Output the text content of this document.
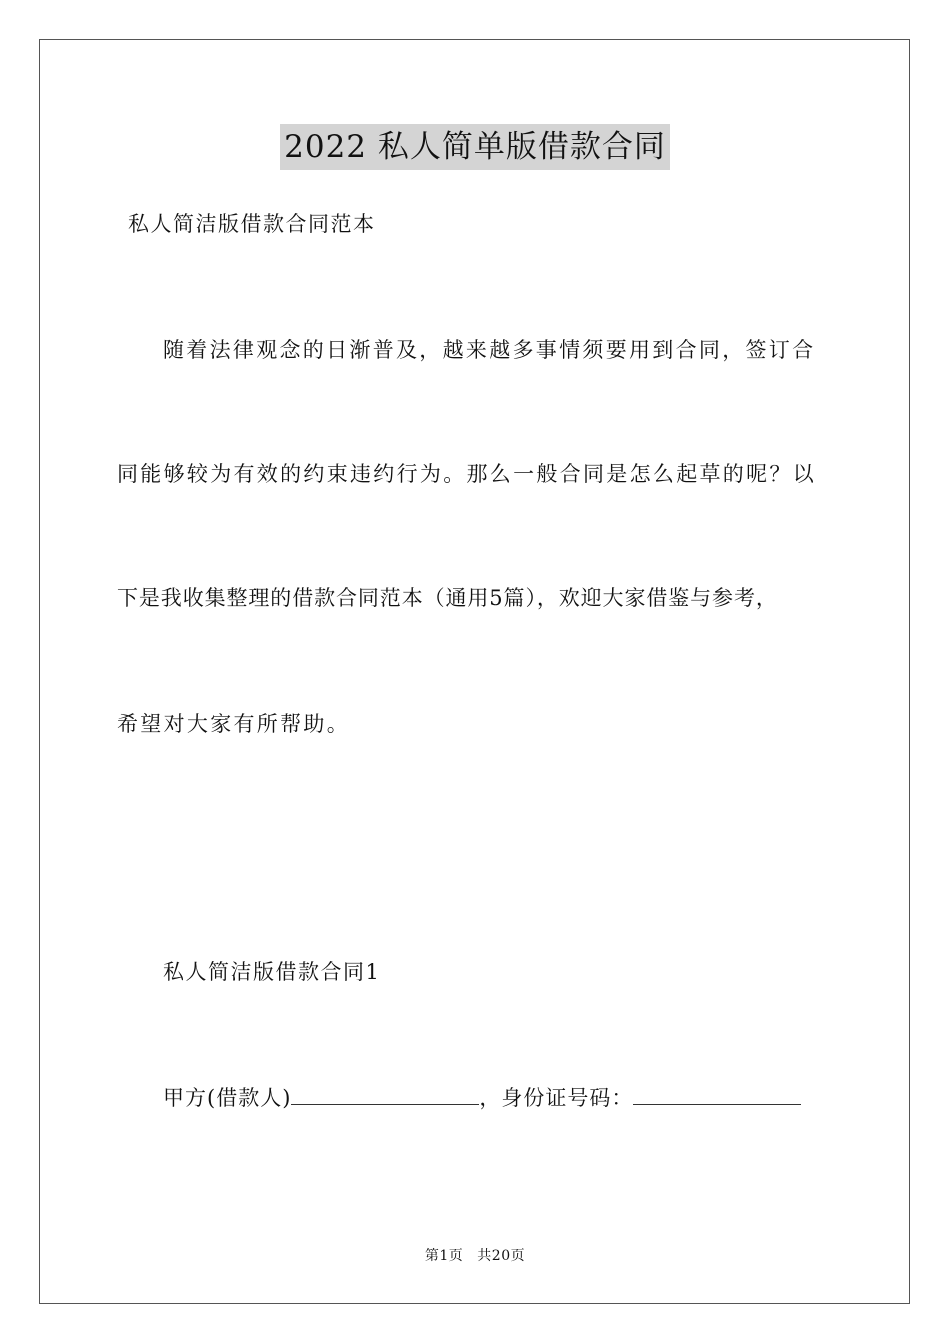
2022 私人简单版借款合同
私人简洁版借款合同范本
随着法律观念的日渐普及，越来越多事情须要用到合同，签订合
同能够较为有效的约束违约行为。那么一般合同是怎么起草的呢？以
下是我收集整理的借款合同范本（通用5篇），欢迎大家借鉴与参考，
希望对大家有所帮助。
私人简洁版借款合同1
甲方(借款人)	，身份证号码：
第1页 共20页
